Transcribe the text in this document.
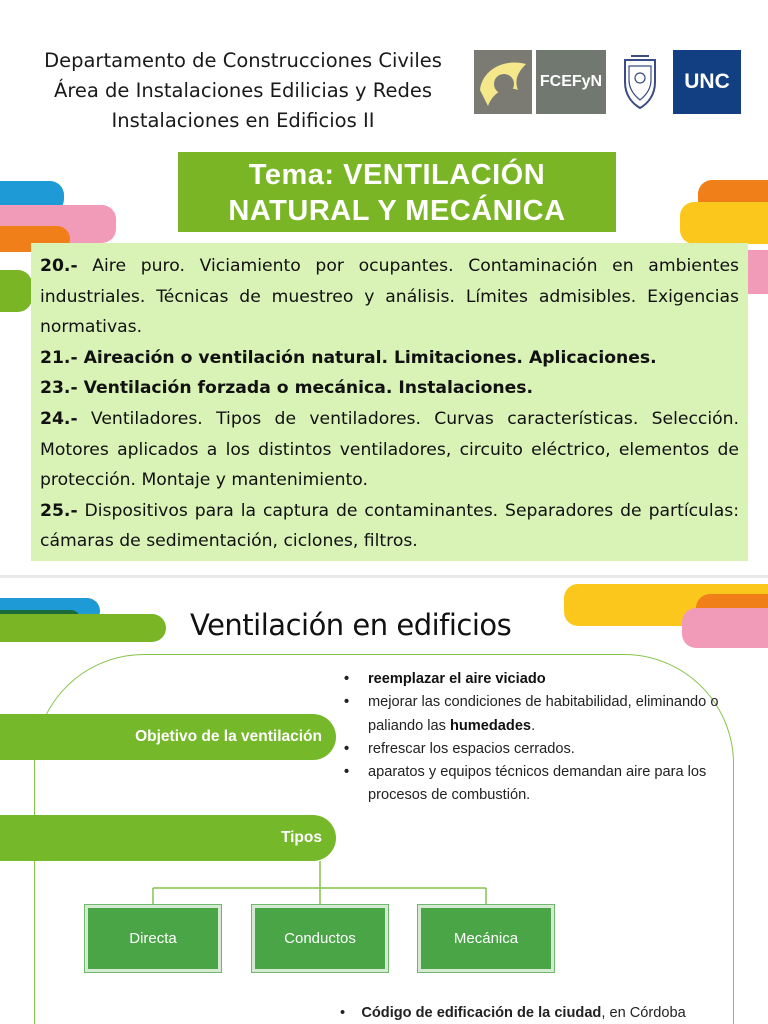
Departamento de Construcciones Civiles
Área de Instalaciones Edilicias y Redes
Instalaciones en Edificios II
FCEFyN	UNC
Tema: VENTILACIÓN
NATURAL Y MECÁNICA

20.- Aire puro. Viciamiento por ocupantes. Contaminación en ambientes industriales. Técnicas de muestreo y análisis. Límites admisibles. Exigencias normativas.

21.- Aireación o ventilación natural. Limitaciones. Aplicaciones.

23.- Ventilación forzada o mecánica. Instalaciones.

24.- Ventiladores. Tipos de ventiladores. Curvas características. Selección. Motores aplicados a los distintos ventiladores, circuito eléctrico, elementos de protección. Montaje y mantenimiento.

25.- Dispositivos para la captura de contaminantes. Separadores de partículas: cámaras de sedimentación, ciclones, filtros.

Ventilación en edificios
Objetivo de la ventilación
• reemplazar el aire viciado
• mejorar las condiciones de habitabilidad, eliminando o paliando las humedades.
• refrescar los espacios cerrados.
• aparatos y equipos técnicos demandan aire para los procesos de combustión.
Tipos
Directa	Conductos	Mecánica
•    Código de edificación de la ciudad, en Córdoba
